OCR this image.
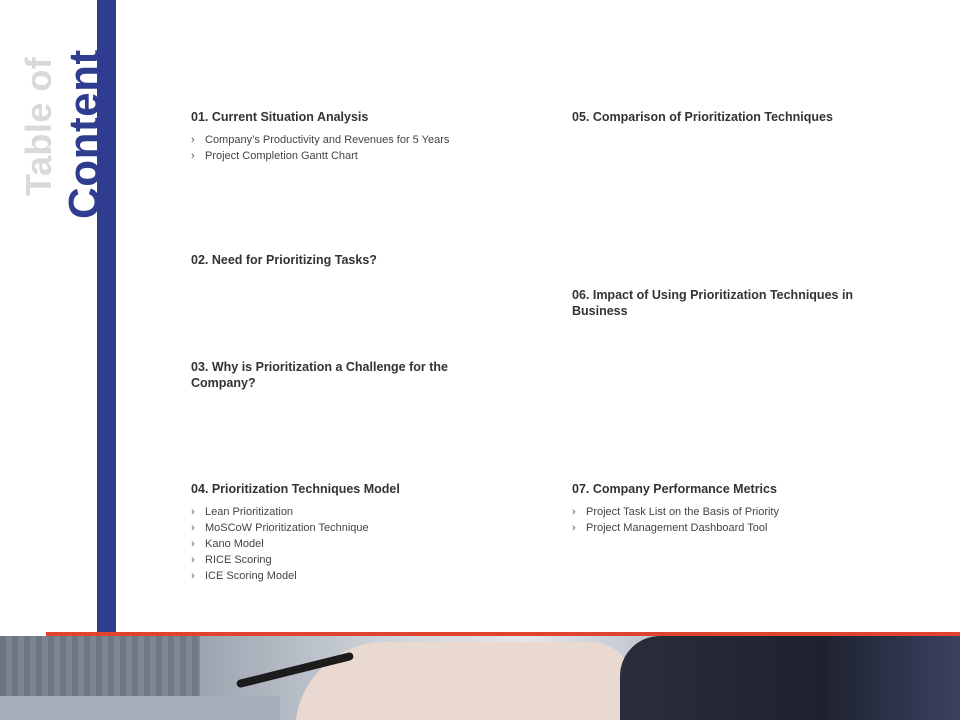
Table of Content	01. Current Situation Analysis
› Company’s Productivity and Revenues for 5 Years
› Project Completion Gantt Chart
02. Need for Prioritizing Tasks?
03. Why is Prioritization a Challenge for the Company?
04. Prioritization Techniques Model
› Lean Prioritization
› MoSCoW Prioritization Technique
› Kano Model
› RICE Scoring
› ICE Scoring Model
05. Comparison of Prioritization Techniques
06. Impact of Using Prioritization Techniques in Business
07. Company Performance Metrics
› Project Task List on the Basis of Priority
› Project Management Dashboard Tool
